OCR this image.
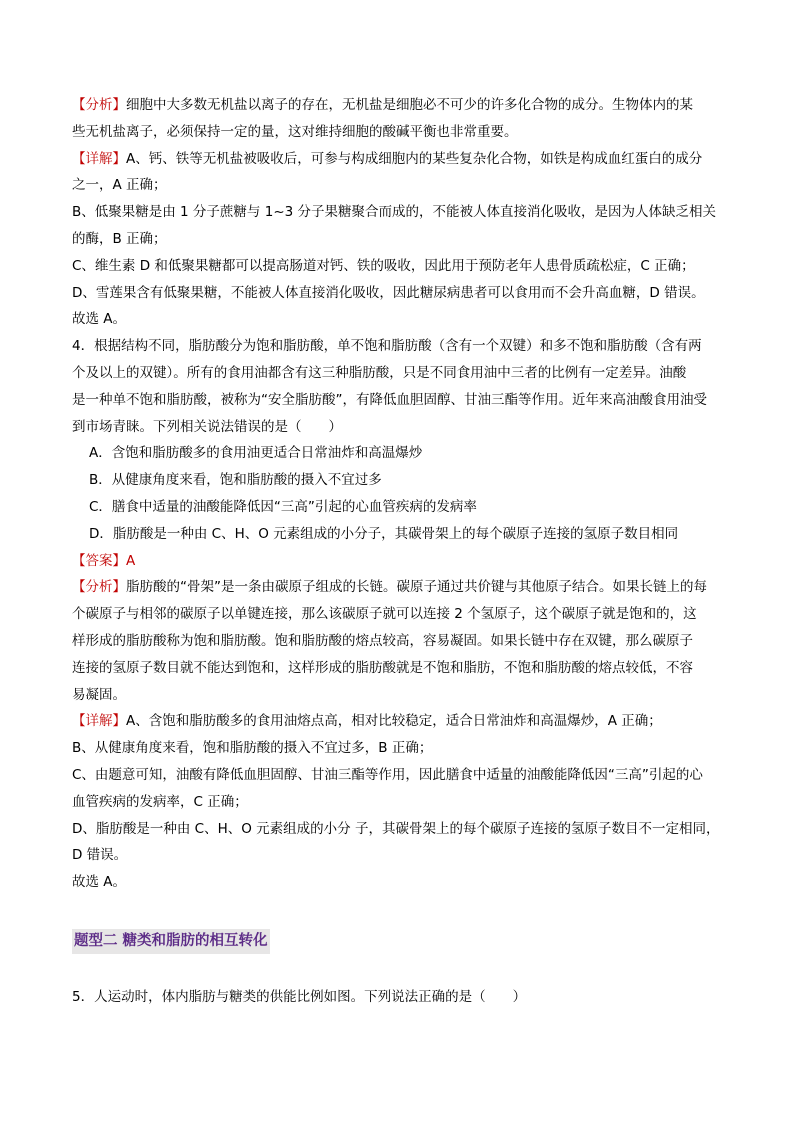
【分析】细胞中大多数无机盐以离子的存在，无机盐是细胞必不可少的许多化合物的成分。生物体内的某
些无机盐离子，必须保持一定的量，这对维持细胞的酸碱平衡也非常重要。
【详解】A、钙、铁等无机盐被吸收后，可参与构成细胞内的某些复杂化合物，如铁是构成血红蛋白的成分
之一，A 正确；
B、低聚果糖是由 1 分子蔗糖与 1~3 分子果糖聚合而成的，不能被人体直接消化吸收，是因为人体缺乏相关
的酶，B 正确；
C、维生素 D 和低聚果糖都可以提高肠道对钙、铁的吸收，因此用于预防老年人患骨质疏松症，C 正确；
D、雪莲果含有低聚果糖，不能被人体直接消化吸收，因此糖尿病患者可以食用而不会升高血糖，D 错误。
故选 A。
4．根据结构不同，脂肪酸分为饱和脂肪酸，单不饱和脂肪酸（含有一个双键）和多不饱和脂肪酸（含有两
个及以上的双键）。所有的食用油都含有这三种脂肪酸，只是不同食用油中三者的比例有一定差异。油酸
是一种单不饱和脂肪酸，被称为“安全脂肪酸”，有降低血胆固醇、甘油三酯等作用。近年来高油酸食用油受
到市场青睐。下列相关说法错误的是（　　）
A．含饱和脂肪酸多的食用油更适合日常油炸和高温爆炒
B．从健康角度来看，饱和脂肪酸的摄入不宜过多
C．膳食中适量的油酸能降低因“三高”引起的心血管疾病的发病率
D．脂肪酸是一种由 C、H、O 元素组成的小分子，其碳骨架上的每个碳原子连接的氢原子数目相同
【答案】A
【分析】脂肪酸的“骨架”是一条由碳原子组成的长链。碳原子通过共价键与其他原子结合。如果长链上的每
个碳原子与相邻的碳原子以单键连接，那么该碳原子就可以连接 2 个氢原子，这个碳原子就是饱和的，这
样形成的脂肪酸称为饱和脂肪酸。饱和脂肪酸的熔点较高，容易凝固。如果长链中存在双键，那么碳原子
连接的氢原子数目就不能达到饱和，这样形成的脂肪酸就是不饱和脂肪，不饱和脂肪酸的熔点较低，不容
易凝固。
【详解】A、含饱和脂肪酸多的食用油熔点高，相对比较稳定，适合日常油炸和高温爆炒，A 正确；
B、从健康角度来看，饱和脂肪酸的摄入不宜过多，B 正确；
C、由题意可知，油酸有降低血胆固醇、甘油三酯等作用，因此膳食中适量的油酸能降低因“三高”引起的心
血管疾病的发病率，C 正确；
D、脂肪酸是一种由 C、H、O 元素组成的小分 子，其碳骨架上的每个碳原子连接的氢原子数目不一定相同，
D 错误。
故选 A。
题型二 糖类和脂肪的相互转化
5．人运动时，体内脂肪与糖类的供能比例如图。下列说法正确的是（　　）
